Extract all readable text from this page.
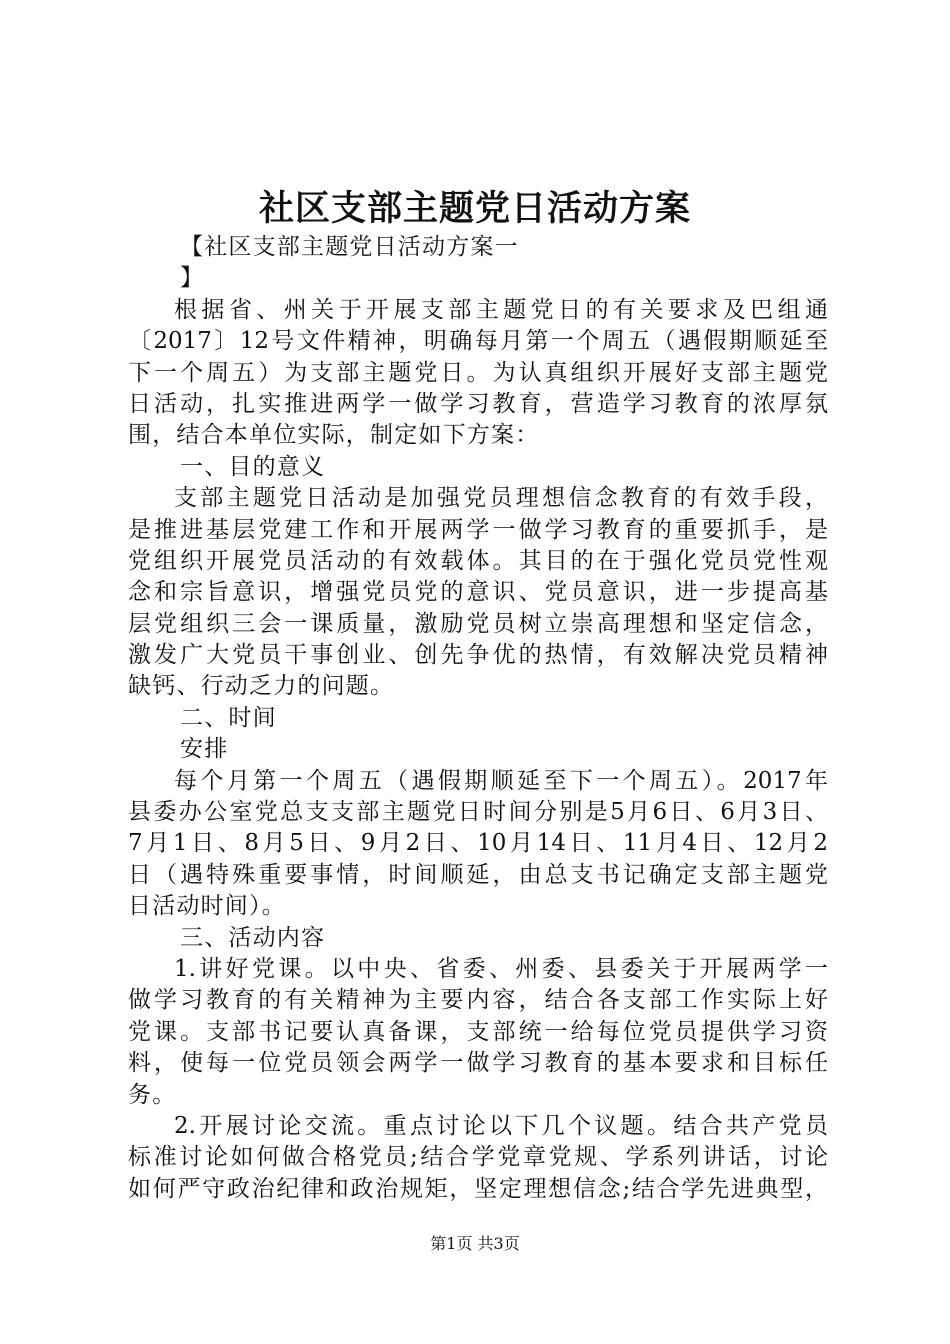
社区支部主题党日活动方案
【社区支部主题党日活动方案一
】
根据省、州关于开展支部主题党日的有关要求及巴组通
〔2017〕12号文件精神，明确每月第一个周五（遇假期顺延至
下一个周五）为支部主题党日。为认真组织开展好支部主题党
日活动，扎实推进两学一做学习教育，营造学习教育的浓厚氛
围，结合本单位实际，制定如下方案：
一、目的意义
支部主题党日活动是加强党员理想信念教育的有效手段，
是推进基层党建工作和开展两学一做学习教育的重要抓手，是
党组织开展党员活动的有效载体。其目的在于强化党员党性观
念和宗旨意识，增强党员党的意识、党员意识，进一步提高基
层党组织三会一课质量，激励党员树立崇高理想和坚定信念，
激发广大党员干事创业、创先争优的热情，有效解决党员精神
缺钙、行动乏力的问题。
二、时间
安排
每个月第一个周五（遇假期顺延至下一个周五）。2017年
县委办公室党总支支部主题党日时间分别是5月6日、6月3日、
7月1日、8月5日、9月2日、10月14日、11月4日、12月2
日（遇特殊重要事情，时间顺延，由总支书记确定支部主题党
日活动时间）。
三、活动内容
1.讲好党课。以中央、省委、州委、县委关于开展两学一
做学习教育的有关精神为主要内容，结合各支部工作实际上好
党课。支部书记要认真备课，支部统一给每位党员提供学习资
料，使每一位党员领会两学一做学习教育的基本要求和目标任
务。
2.开展讨论交流。重点讨论以下几个议题。结合共产党员
标准讨论如何做合格党员;结合学党章党规、学系列讲话，讨论
如何严守政治纪律和政治规矩，坚定理想信念;结合学先进典型，
第1页 共3页
